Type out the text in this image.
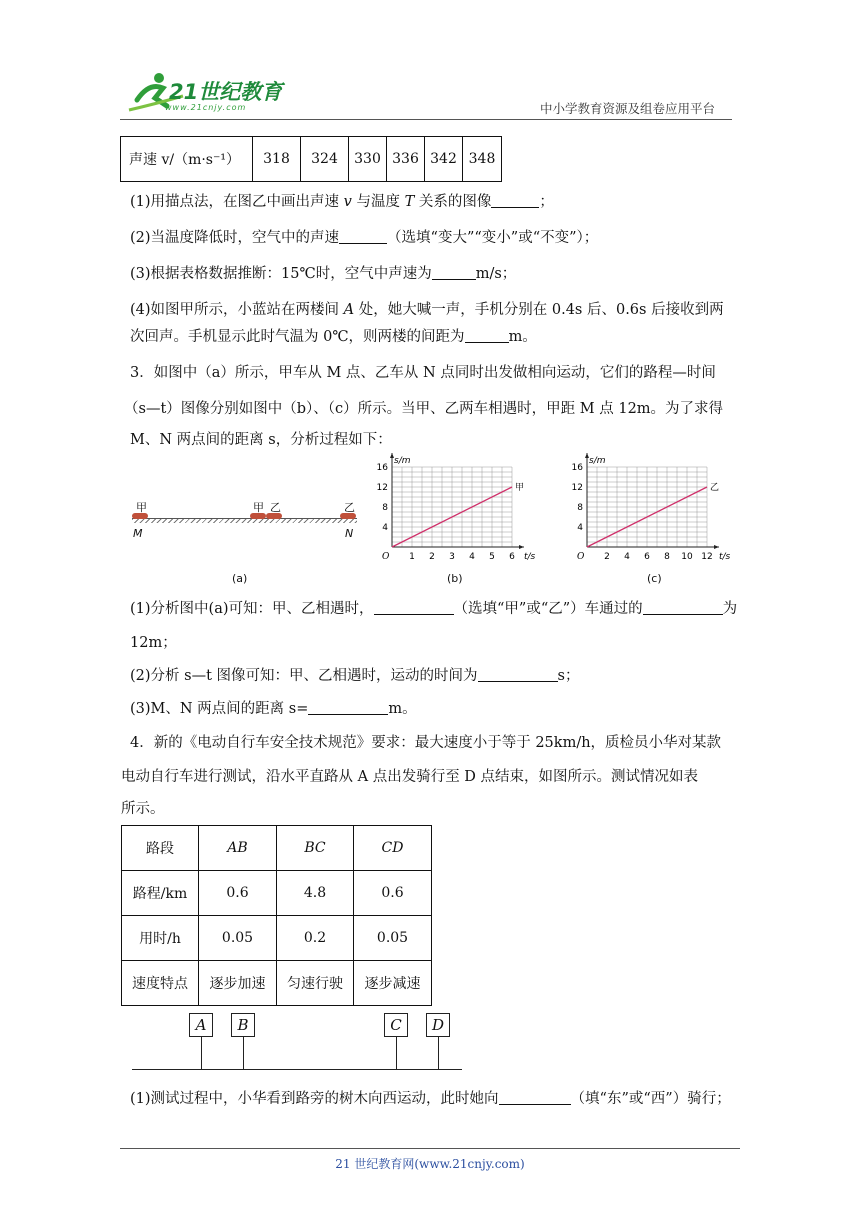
21世纪教育
www.21cnjy.com	中小学教育资源及组卷应用平台
声速 v/（m·s⁻¹）	318	324	330	336	342	348
(1)用描点法，在图乙中画出声速 v 与温度 T 关系的图像	；
(2)当温度降低时，空气中的声速	（选填“变大”“变小”或“不变”）；
(3)根据表格数据推断：15℃时，空气中声速为	m/s；
(4)如图甲所示，小蓝站在两楼间 A 处，她大喊一声，手机分别在 0.4s 后、0.6s 后接收到两
次回声。手机显示此时气温为 0℃，则两楼的间距为	m。
3．如图中（a）所示，甲车从 M 点、乙车从 N 点同时出发做相向运动，它们的路程—时间
（s—t）图像分别如图中（b）、（c）所示。当甲、乙两车相遇时，甲距 M 点 12m。为了求得
M、N 两点间的距离 s，分析过程如下：
甲	甲 乙	乙
M	N
(a)
1 2 3 4 5 6
4
8
12
16
O
s/m
t/s
甲
2 4 6 8 10 12
4
8
12
16
O
s/m
t/s
乙
(b)	(c)
(1)分析图中(a)可知：甲、乙相遇时，	（选填“甲”或“乙”）车通过的	为
12m；
(2)分析 s—t 图像可知：甲、乙相遇时，运动的时间为	s；
(3)M、N 两点间的距离 s=	m。
4．新的《电动自行车安全技术规范》要求：最大速度小于等于 25km/h，质检员小华对某款
电动自行车进行测试，沿水平直路从 A 点出发骑行至 D 点结束，如图所示。测试情况如表
所示。
路段	AB	BC	CD
路程/km	0.6	4.8	0.6
用时/h	0.05	0.2	0.05
速度特点	逐步加速	匀速行驶	逐步减速
A	B	C	D
(1)测试过程中，小华看到路旁的树木向西运动，此时她向	（填“东”或“西”）骑行；
21 世纪教育网(www.21cnjy.com)
